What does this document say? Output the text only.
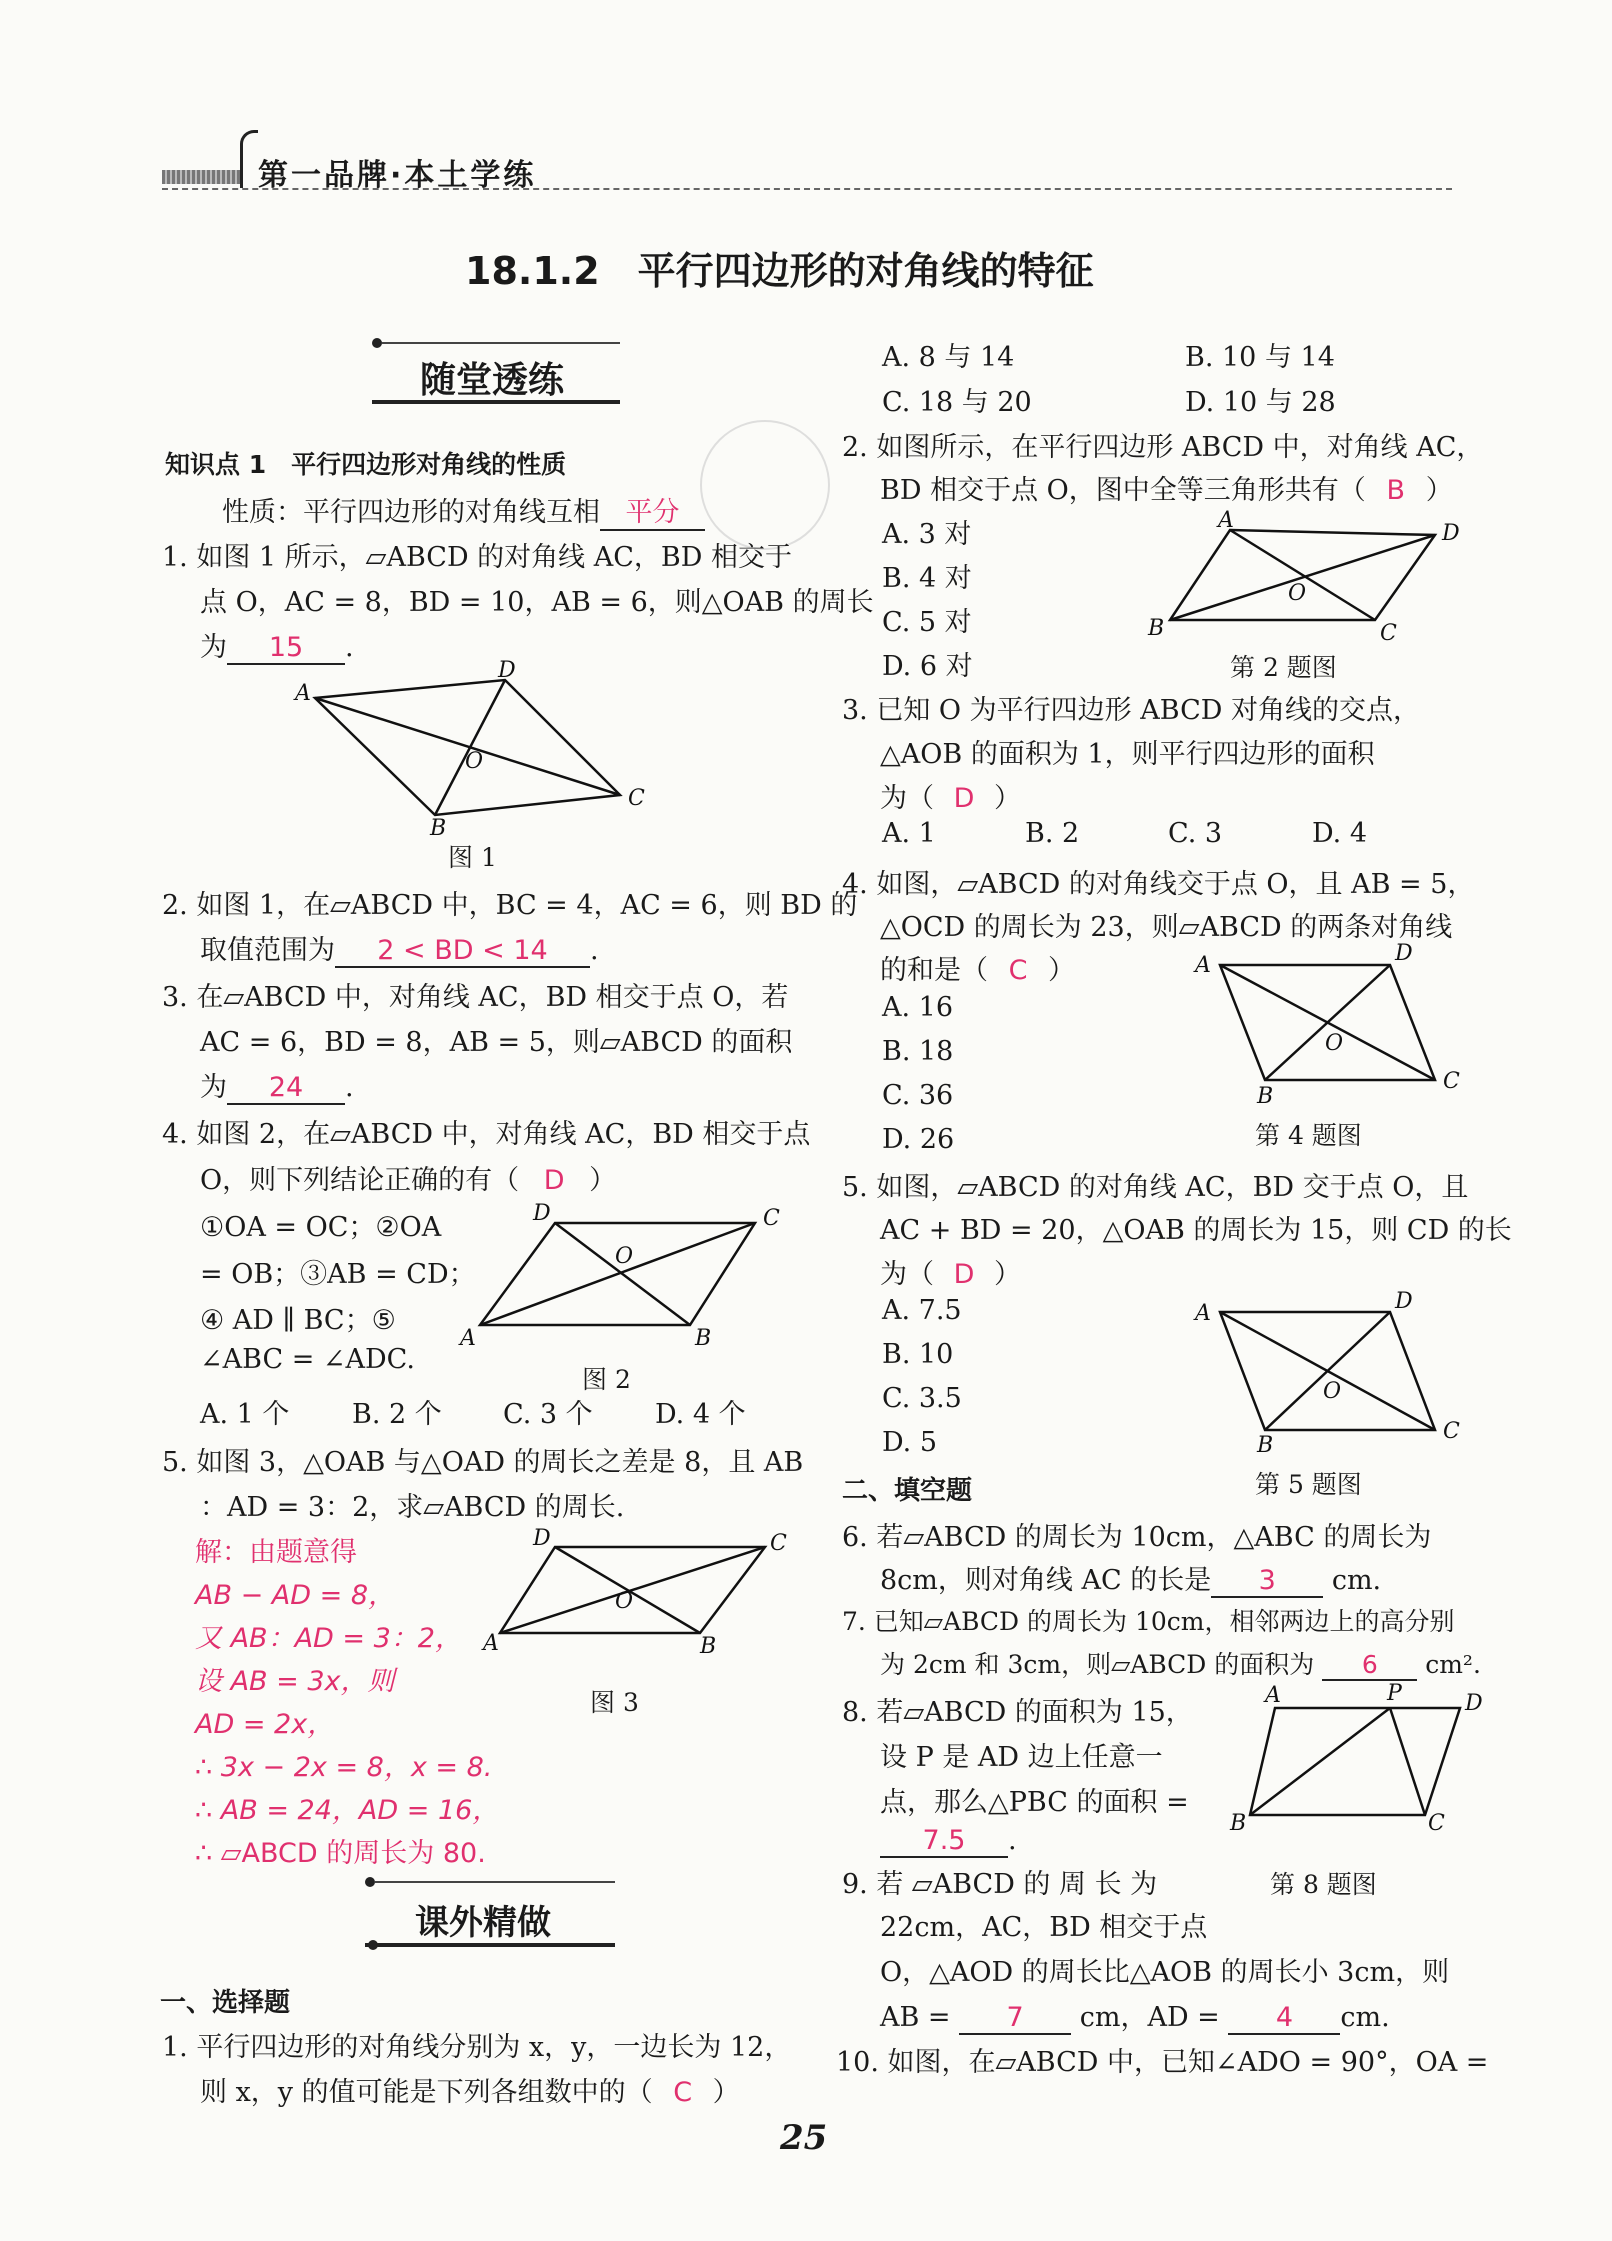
第一品牌·本土学练
18.1.2　平行四边形的对角线的特征
随堂透练
知识点 1　平行四边形对角线的性质
性质：平行四边形的对角线互相 平分
1. 如图 1 所示，▱ABCD 的对角线 AC，BD 相交于
点 O，AC = 8，BD = 10，AB = 6，则△OAB 的周长
为 15 .
A
D
C
B
O
图 1
2. 如图 1，在▱ABCD 中，BC = 4，AC = 6，则 BD 的
取值范围为 2 < BD < 14 .
3. 在▱ABCD 中，对角线 AC，BD 相交于点 O，若
AC = 6，BD = 8，AB = 5，则▱ABCD 的面积
为 24 .
4. 如图 2，在▱ABCD 中，对角线 AC，BD 相交于点
O，则下列结论正确的有（ D ）
①OA = OC；②OA
= OB；③AB = CD；
④ AD ∥ BC；⑤
∠ABC = ∠ADC.
D	C
B
A
O
图 2
A. 1 个 B. 2 个 C. 3 个 D. 4 个
5. 如图 3，△OAB 与△OAD 的周长之差是 8，且 AB
：AD = 3：2，求▱ABCD 的周长.
解：由题意得
AB − AD = 8，
又 AB：AD = 3：2，
设 AB = 3x，则
AD = 2x，
∴ 3x − 2x = 8，x = 8.
∴ AB = 24，AD = 16，
∴ ▱ABCD 的周长为 80.
D	C
B
A
O
图 3
课外精做
一、选择题
1. 平行四边形的对角线分别为 x，y，一边长为 12，
则 x，y 的值可能是下列各组数中的（ C ）
A. 8 与 14	B. 10 与 14
C. 18 与 20	D. 10 与 28
2. 如图所示，在平行四边形 ABCD 中，对角线 AC，
BD 相交于点 O，图中全等三角形共有（ B ）
A. 3 对
B. 4 对
C. 5 对
D. 6 对
A
D
C
B
O
第 2 题图
3. 已知 O 为平行四边形 ABCD 对角线的交点，
△AOB 的面积为 1，则平行四边形的面积
为（ D ）
A. 1	B. 2	C. 3	D. 4
4. 如图，▱ABCD 的对角线交于点 O，且 AB = 5，
△OCD 的周长为 23，则▱ABCD 的两条对角线
的和是（ C ）
A. 16
B. 18
C. 36
D. 26
A	D
C
B
O
第 4 题图
5. 如图，▱ABCD 的对角线 AC，BD 交于点 O，且
AC + BD = 20，△OAB 的周长为 15，则 CD 的长
为（ D ）
A. 7.5
B. 10
C. 3.5
D. 5
A	D
C
B
O
第 5 题图
二、填空题
6. 若▱ABCD 的周长为 10cm，△ABC 的周长为
8cm，则对角线 AC 的长是 3 cm.
7. 已知▱ABCD 的周长为 10cm，相邻两边上的高分别
为 2cm 和 3cm，则▱ABCD 的面积为 6 cm².
8. 若▱ABCD 的面积为 15，
设 P 是 AD 边上任意一
点，那么△PBC 的面积 =
7.5 .
A	P	D
B	C
第 8 题图
9. 若 ▱ABCD 的 周 长 为
22cm，AC，BD 相交于点
O，△AOD 的周长比△AOB 的周长小 3cm，则
AB = 7 cm，AD = 4 cm.
10. 如图，在▱ABCD 中，已知∠ADO = 90°，OA =
25
